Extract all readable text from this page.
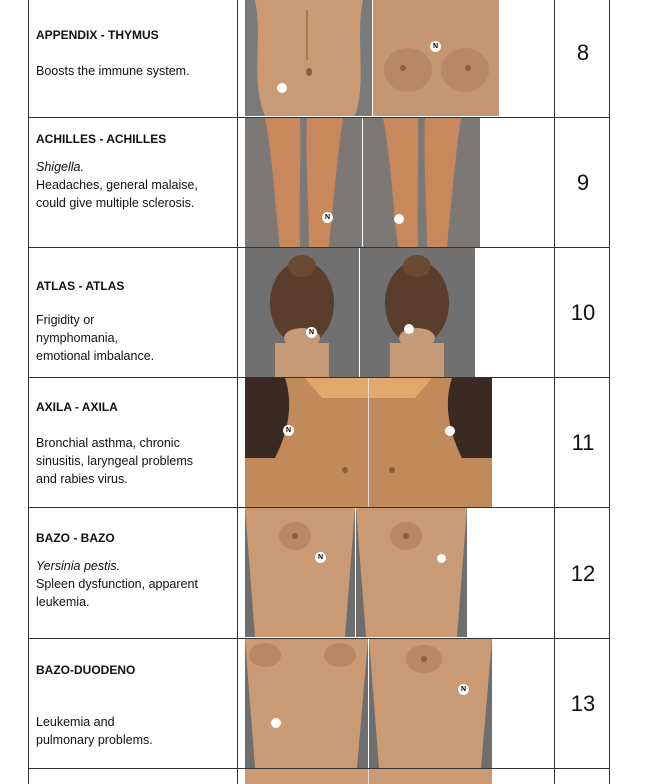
APPENDIX - THYMUS
Boosts the immune system.
N	8
ACHILLES - ACHILLES
Shigella.
Headaches, general malaise,
could give multiple sclerosis.
N
9
ATLAS - ATLAS
Frigidity or
nymphomania,
emotional imbalance.
N
10
AXILA - AXILA
Bronchial asthma, chronic
sinusitis, laryngeal problems
and rabies virus.
N	11
BAZO - BAZO
Yersinia pestis.
Spleen dysfunction, apparent
leukemia.
N
12
BAZO-DUODENO
Leukemia and
pulmonary problems.
N
13
